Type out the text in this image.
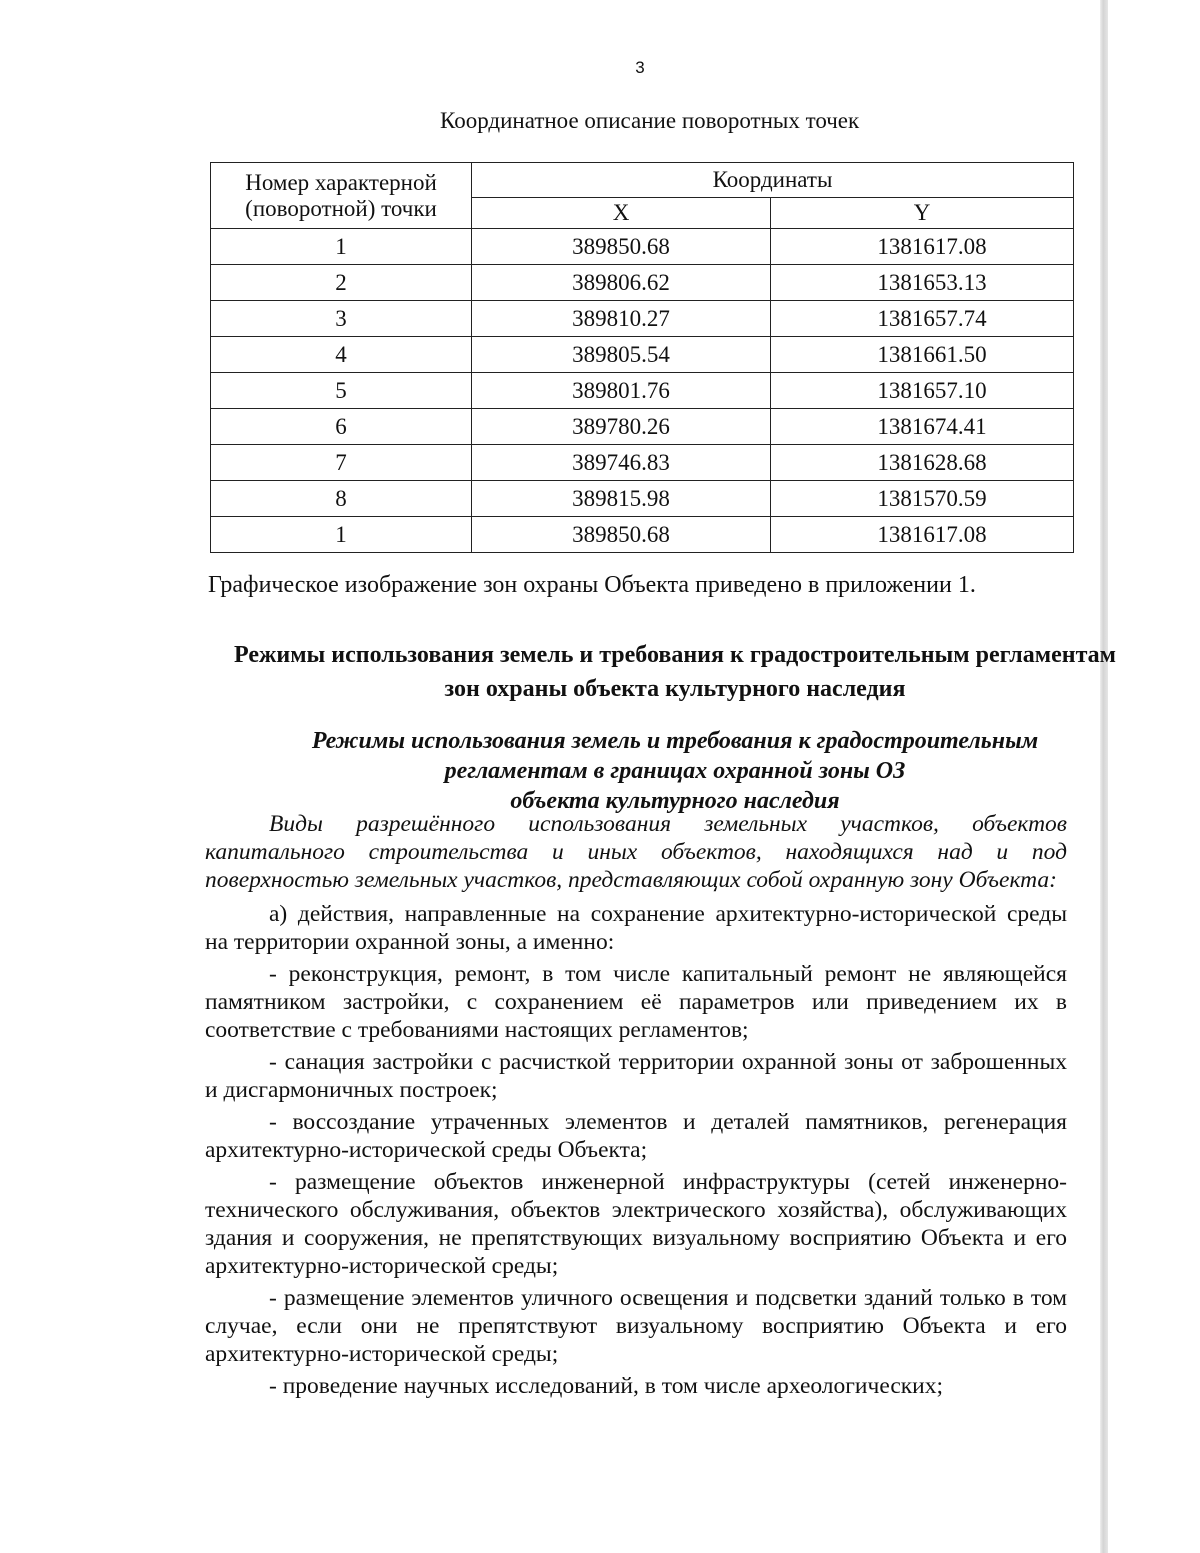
3
Координатное описание поворотных точек
Номер характерной (поворотной) точки	Координаты	
	X	Y
1	389850.68	1381617.08
2	389806.62	1381653.13
3	389810.27	1381657.74
4	389805.54	1381661.50
5	389801.76	1381657.10
6	389780.26	1381674.41
7	389746.83	1381628.68
8	389815.98	1381570.59
1	389850.68	1381617.08
Графическое изображение зон охраны Объекта приведено в приложении 1.
Режимы использования земель и требования к градостроительным регламентам зон охраны объекта культурного наследия
Режимы использования земель и требования к градостроительным
регламентам в границах охранной зоны ОЗ
объекта культурного наследия

Виды разрешённого использования земельных участков, объектов капитального строительства и иных объектов, находящихся над и под поверхностью земельных участков, представляющих собой охранную зону Объекта:

а) действия, направленные на сохранение архитектурно-исторической среды на территории охранной зоны, а именно:

- реконструкция, ремонт, в том числе капитальный ремонт не являющейся памятником застройки, с сохранением её параметров или приведением их в соответствие с требованиями настоящих регламентов;

- санация застройки с расчисткой территории охранной зоны от заброшенных и дисгармоничных построек;

- воссоздание утраченных элементов и деталей памятников, регенерация архитектурно-исторической среды Объекта;

- размещение объектов инженерной инфраструктуры (сетей инженерно-технического обслуживания, объектов электрического хозяйства), обслуживающих здания и сооружения, не препятствующих визуальному восприятию Объекта и его архитектурно-исторической среды;

- размещение элементов уличного освещения и подсветки зданий только в том случае, если они не препятствуют визуальному восприятию Объекта и его архитектурно-исторической среды;

- проведение научных исследований, в том числе археологических;
